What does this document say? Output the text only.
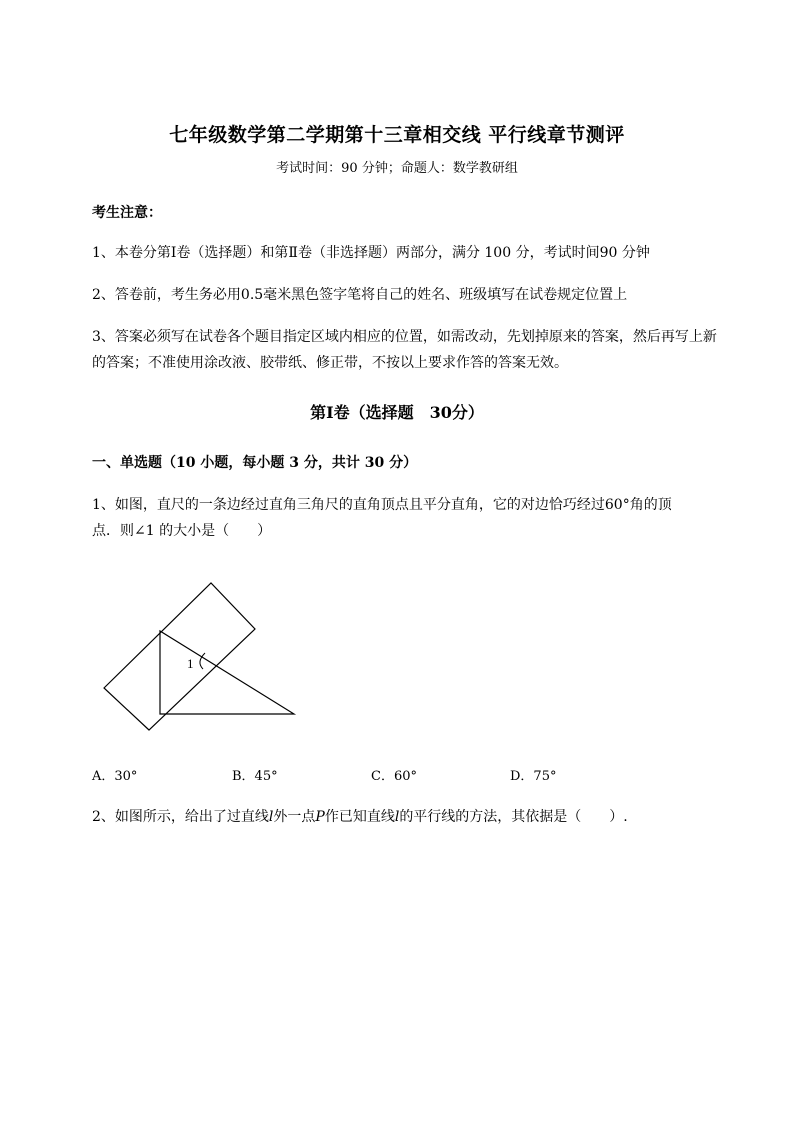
七年级数学第二学期第十三章相交线 平行线章节测评
考试时间：90 分钟；命题人：数学教研组
考生注意：
1、本卷分第Ⅰ卷（选择题）和第Ⅱ卷（非选择题）两部分，满分 100 分，考试时间90 分钟
2、答卷前，考生务必用0.5毫米黑色签字笔将自己的姓名、班级填写在试卷规定位置上
3、答案必须写在试卷各个题目指定区域内相应的位置，如需改动，先划掉原来的答案，然后再写上新
的答案；不准使用涂改液、胶带纸、修正带，不按以上要求作答的答案无效。
第Ⅰ卷（选择题　30分）
一、单选题（10 小题，每小题 3 分，共计 30 分）
1、如图，直尺的一条边经过直角三角尺的直角顶点且平分直角，它的对边恰巧经过60°角的顶
点．则∠1 的大小是（　　）
1
A．30°	B．45°	C．60°	D．75°
2、如图所示，给出了过直线l外一点P作已知直线l的平行线的方法，其依据是（　　）.
